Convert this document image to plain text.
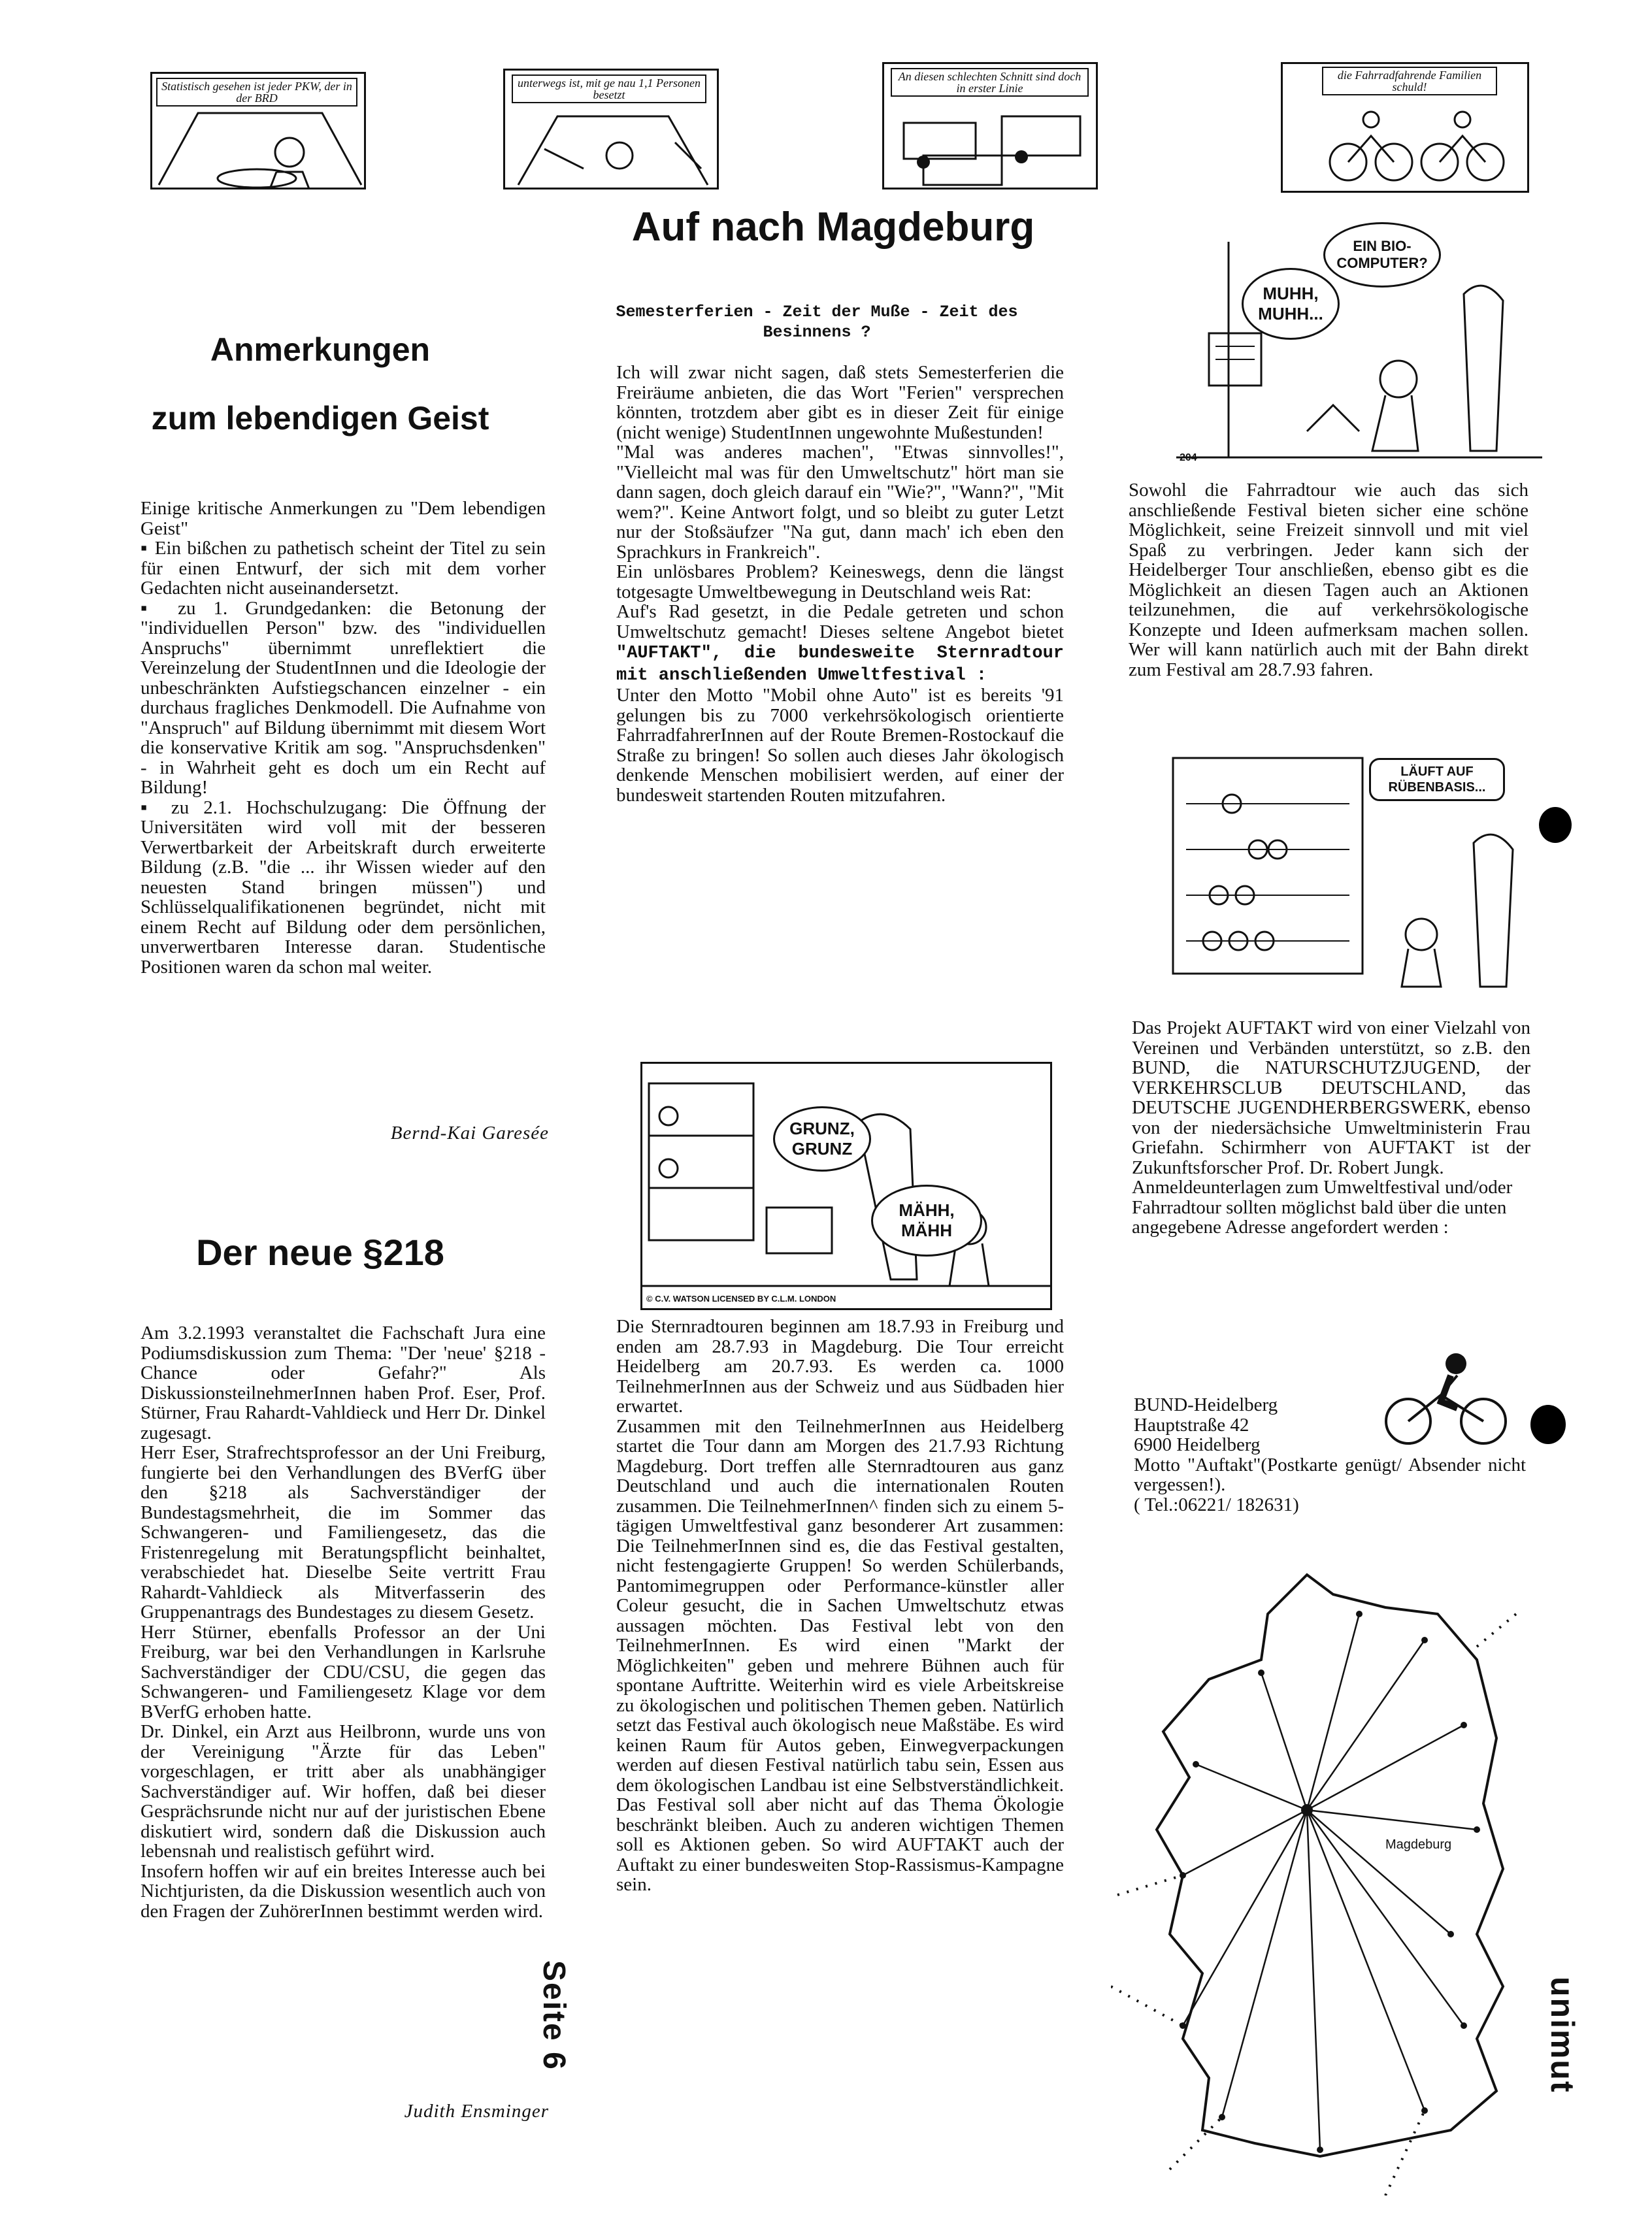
Statistisch gesehen ist jeder PKW, der in der BRD
unterwegs ist, mit ge nau 1,1 Personen besetzt
An diesen schlechten Schnitt sind doch in erster Linie
die Fahrradfahrende Familien schuld!
Anmerkungen
zum lebendigen Geist

Einige kritische Anmerkungen zu "Dem lebendigen Geist"

▪ Ein bißchen zu pathetisch scheint der Titel zu sein für einen Entwurf, der sich mit dem vorher Gedachten nicht auseinandersetzt.

▪ zu 1. Grundgedanken: die Betonung der "individuellen Person" bzw. des "individuellen Anspruchs" übernimmt unreflektiert die Vereinzelung der StudentInnen und die Ideologie der unbeschränkten Aufstiegschancen einzelner - ein durchaus fragliches Denkmodell. Die Aufnahme von "Anspruch" auf Bildung übernimmt mit diesem Wort die konservative Kritik am sog. "Anspruchsdenken" - in Wahrheit geht es doch um ein Recht auf Bildung!

▪ zu 2.1. Hochschulzugang: Die Öffnung der Universitäten wird voll mit der besseren Verwertbarkeit der Arbeitskraft durch erweiterte Bildung (z.B. "die ... ihr Wissen wieder auf den neuesten Stand bringen müssen") und Schlüsselqualifikationenen begründet, nicht mit einem Recht auf Bildung oder dem persönlichen, unverwertbaren Interesse daran. Studentische Positionen waren da schon mal weiter.

Bernd-Kai Garesée
Der neue §218

Am 3.2.1993 veranstaltet die Fachschaft Jura eine Podiumsdiskussion zum Thema: "Der 'neue' §218 - Chance oder Gefahr?" Als DiskussionsteilnehmerInnen haben Prof. Eser, Prof. Stürner, Frau Rahardt-Vahldieck und Herr Dr. Dinkel zugesagt.

Herr Eser, Strafrechtsprofessor an der Uni Freiburg, fungierte bei den Verhandlungen des BVerfG über den §218 als Sachverständiger der Bundestagsmehrheit, die im Sommer das Schwangeren- und Familiengesetz, das die Fristenregelung mit Beratungspflicht beinhaltet, verabschiedet hat. Dieselbe Seite vertritt Frau Rahardt-Vahldieck als Mitverfasserin des Gruppenantrags des Bundestages zu diesem Gesetz.

Herr Stürner, ebenfalls Professor an der Uni Freiburg, war bei den Verhandlungen in Karlsruhe Sachverständiger der CDU/CSU, die gegen das Schwangeren- und Familiengesetz Klage vor dem BVerfG erhoben hatte.

Dr. Dinkel, ein Arzt aus Heilbronn, wurde uns von der Vereinigung "Ärzte für das Leben" vorgeschlagen, er tritt aber als unabhängiger Sachverständiger auf. Wir hoffen, daß bei dieser Gesprächsrunde nicht nur auf der juristischen Ebene diskutiert wird, sondern daß die Diskussion auch lebensnah und realistisch geführt wird.

Insofern hoffen wir auf ein breites Interesse auch bei Nichtjuristen, da die Diskussion wesentlich auch von den Fragen der ZuhörerInnen bestimmt werden wird.

Judith Ensminger
Seite 6
Auf nach Magdeburg
Semesterferien - Zeit der Muße - Zeit des Besinnens ?

Ich will zwar nicht sagen, daß stets Semesterferien die Freiräume anbieten, die das Wort "Ferien" versprechen könnten, trotzdem aber gibt es in dieser Zeit für einige (nicht wenige) StudentInnen ungewohnte Mußestunden!

"Mal was anderes machen", "Etwas sinnvolles!", "Vielleicht mal was für den Umweltschutz" hört man sie dann sagen, doch gleich darauf ein "Wie?", "Wann?", "Mit wem?". Keine Antwort folgt, und so bleibt zu guter Letzt nur der Stoßsäufzer "Na gut, dann mach' ich eben den Sprachkurs in Frankreich".

Ein unlösbares Problem? Keineswegs, denn die längst totgesagte Umweltbewegung in Deutschland weis Rat:

Auf's Rad gesetzt, in die Pedale getreten und schon Umweltschutz gemacht! Dieses seltene Angebot bietet "AUFTAKT", die bundesweite Sternradtour mit anschließenden Umweltfestival :

Unter den Motto "Mobil ohne Auto" ist es bereits '91 gelungen bis zu 7000 verkehrsökologisch orientierte FahrradfahrerInnen auf der Route Bremen-Rostockauf die Straße zu bringen! So sollen auch dieses Jahr ökologisch denkende Menschen mobilisiert werden, auf einer der bundesweit startenden Routen mitzufahren.

GRUNZ, GRUNZ
MÄHH, MÄHH
© C.V. WATSON LICENSED BY C.L.M. LONDON

Die Sternradtouren beginnen am 18.7.93 in Freiburg und enden am 28.7.93 in Magdeburg. Die Tour erreicht Heidelberg am 20.7.93. Es werden ca. 1000 TeilnehmerInnen aus der Schweiz und aus Südbaden hier erwartet.

Zusammen mit den TeilnehmerInnen aus Heidelberg startet die Tour dann am Morgen des 21.7.93 Richtung Magdeburg. Dort treffen alle Sternradtouren aus ganz Deutschland und auch die internationalen Routen zusammen. Die TeilnehmerInnen^ finden sich zu einem 5-tägigen Umweltfestival ganz besonderer Art zusammen: Die TeilnehmerInnen sind es, die das Festival gestalten, nicht festengagierte Gruppen! So werden Schülerbands, Pantomimegruppen oder Performance-künstler aller Coleur gesucht, die in Sachen Umweltschutz etwas aussagen möchten. Das Festival lebt von den TeilnehmerInnen. Es wird einen "Markt der Möglichkeiten" geben und mehrere Bühnen auch für spontane Auftritte. Weiterhin wird es viele Arbeitskreise zu ökologischen und politischen Themen geben. Natürlich setzt das Festival auch ökologisch neue Maßstäbe. Es wird keinen Raum für Autos geben, Einwegverpackungen werden auf diesen Festival natürlich tabu sein, Essen aus dem ökologischen Landbau ist eine Selbstverständlichkeit. Das Festival soll aber nicht auf das Thema Ökologie beschränkt bleiben. Auch zu anderen wichtigen Themen soll es Aktionen geben. So wird AUFTAKT auch der Auftakt zu einer bundesweiten Stop-Rassismus-Kampagne sein.

MUHH, MUHH...
EIN BIO-COMPUTER?
204
Sowohl die Fahrradtour wie auch das sich anschließende Festival bieten sicher eine schöne Möglichkeit, seine Freizeit sinnvoll und mit viel Spaß zu verbringen. Jeder kann sich der Heidelberger Tour anschließen, ebenso gibt es die Möglichkeit an diesen Tagen auch an Aktionen teilzunehmen, die auf verkehrsökologische Konzepte und Ideen aufmerksam machen sollen. Wer will kann natürlich auch mit der Bahn direkt zum Festival am 28.7.93 fahren.
LÄUFT AUF RÜBENBASIS...

Das Projekt AUFTAKT wird von einer Vielzahl von Vereinen und Verbänden unterstützt, so z.B. den BUND, die NATURSCHUTZJUGEND, der VERKEHRSCLUB DEUTSCHLAND, das DEUTSCHE JUGENDHERBERGSWERK, ebenso von der niedersächsiche Umweltministerin Frau Griefahn. Schirmherr von AUFTAKT ist der Zukunftsforscher Prof. Dr. Robert Jungk.

Anmeldeunterlagen zum Umweltfestival und/oder Fahrradtour sollten möglichst bald über die unten angegebene Adresse angefordert werden :

BUND-Heidelberg
Hauptstraße 42
6900 Heidelberg
Motto "Auftakt"(Postkarte genügt/ Absender nicht vergessen!).
( Tel.:06221/ 182631)
Magdeburg
unimut
